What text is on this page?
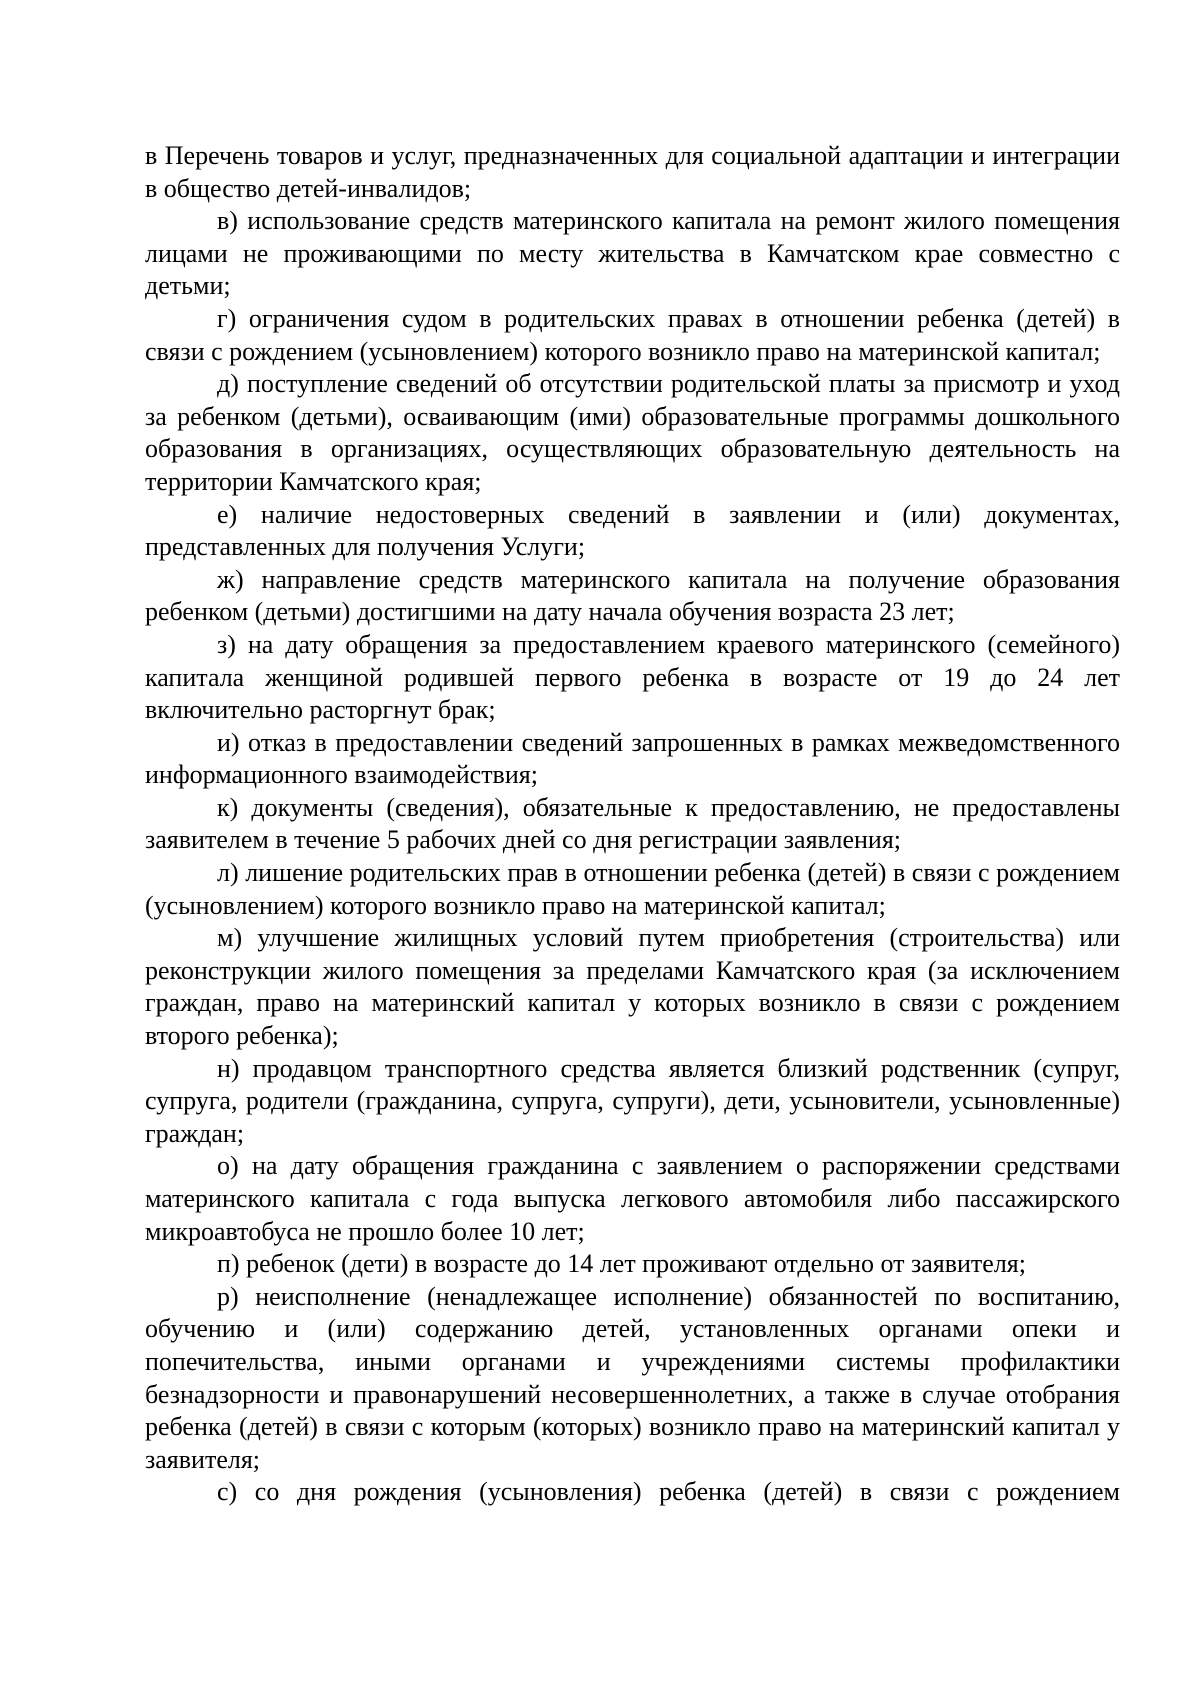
в Перечень товаров и услуг, предназначенных для социальной адаптации и интеграции в общество детей-инвалидов;

в) использование средств материнского капитала на ремонт жилого помещения лицами не проживающими по месту жительства в Камчатском крае совместно с детьми;

г) ограничения судом в родительских правах в отношении ребенка (детей) в связи с рождением (усыновлением) которого возникло право на материнской капитал;

д) поступление сведений об отсутствии родительской платы за присмотр и уход за ребенком (детьми), осваивающим (ими) образовательные программы дошкольного образования в организациях, осуществляющих образовательную деятельность на территории Камчатского края;

е) наличие недостоверных сведений в заявлении и (или) документах, представленных для получения Услуги;

ж) направление средств материнского капитала на получение образования ребенком (детьми) достигшими на дату начала обучения возраста 23 лет;

з) на дату обращения за предоставлением краевого материнского (семейного) капитала женщиной родившей первого ребенка в возрасте от 19 до 24 лет включительно расторгнут брак;

и) отказ в предоставлении сведений запрошенных в рамках межведомственного информационного взаимодействия;

к) документы (сведения), обязательные к предоставлению, не предоставлены заявителем в течение 5 рабочих дней со дня регистрации заявления;

л) лишение родительских прав в отношении ребенка (детей) в связи с рождением (усыновлением) которого возникло право на материнской капитал;

м) улучшение жилищных условий путем приобретения (строительства) или реконструкции жилого помещения за пределами Камчатского края (за исключением граждан, право на материнский капитал у которых возникло в связи с рождением второго ребенка);

н) продавцом транспортного средства является близкий родственник (супруг, супруга, родители (гражданина, супруга, супруги), дети, усыновители, усыновленные) граждан;

о) на дату обращения гражданина с заявлением о распоряжении средствами материнского капитала с года выпуска легкового автомобиля либо пассажирского микроавтобуса не прошло более 10 лет;

п) ребенок (дети) в возрасте до 14 лет проживают отдельно от заявителя;

р) неисполнение (ненадлежащее исполнение) обязанностей по воспитанию, обучению и (или) содержанию детей, установленных органами опеки и попечительства, иными органами и учреждениями системы профилактики безнадзорности и правонарушений несовершеннолетних, а также в случае отобрания ребенка (детей) в связи с которым (которых) возникло право на материнский капитал у заявителя;

с) со дня рождения (усыновления) ребенка (детей) в связи с рождением
